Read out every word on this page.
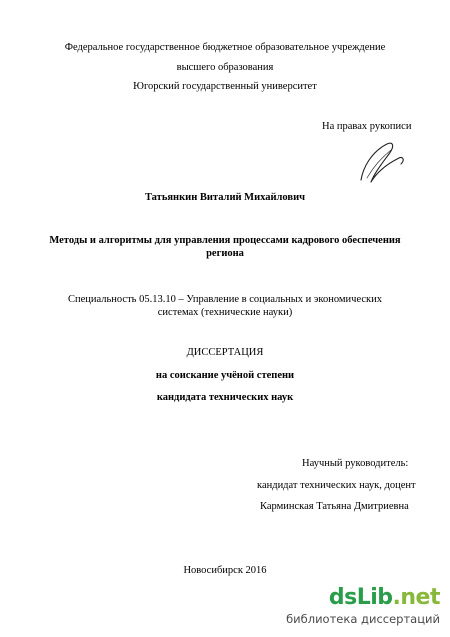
Федеральное государственное бюджетное образовательное учреждение
высшего образования
Югорский государственный университет
На правах рукописи
Татьянкин Виталий Михайлович
Методы и алгоритмы для управления процессами кадрового обеспечения
региона
Специальность 05.13.10 – Управление в социальных и экономических
системах (технические науки)
ДИССЕРТАЦИЯ
на соискание учёной степени
кандидата технических наук
Научный руководитель:
кандидат технических наук, доцент
Карминская Татьяна Дмитриевна
Новосибирск 2016
dsLib.net
библиотека диссертаций
